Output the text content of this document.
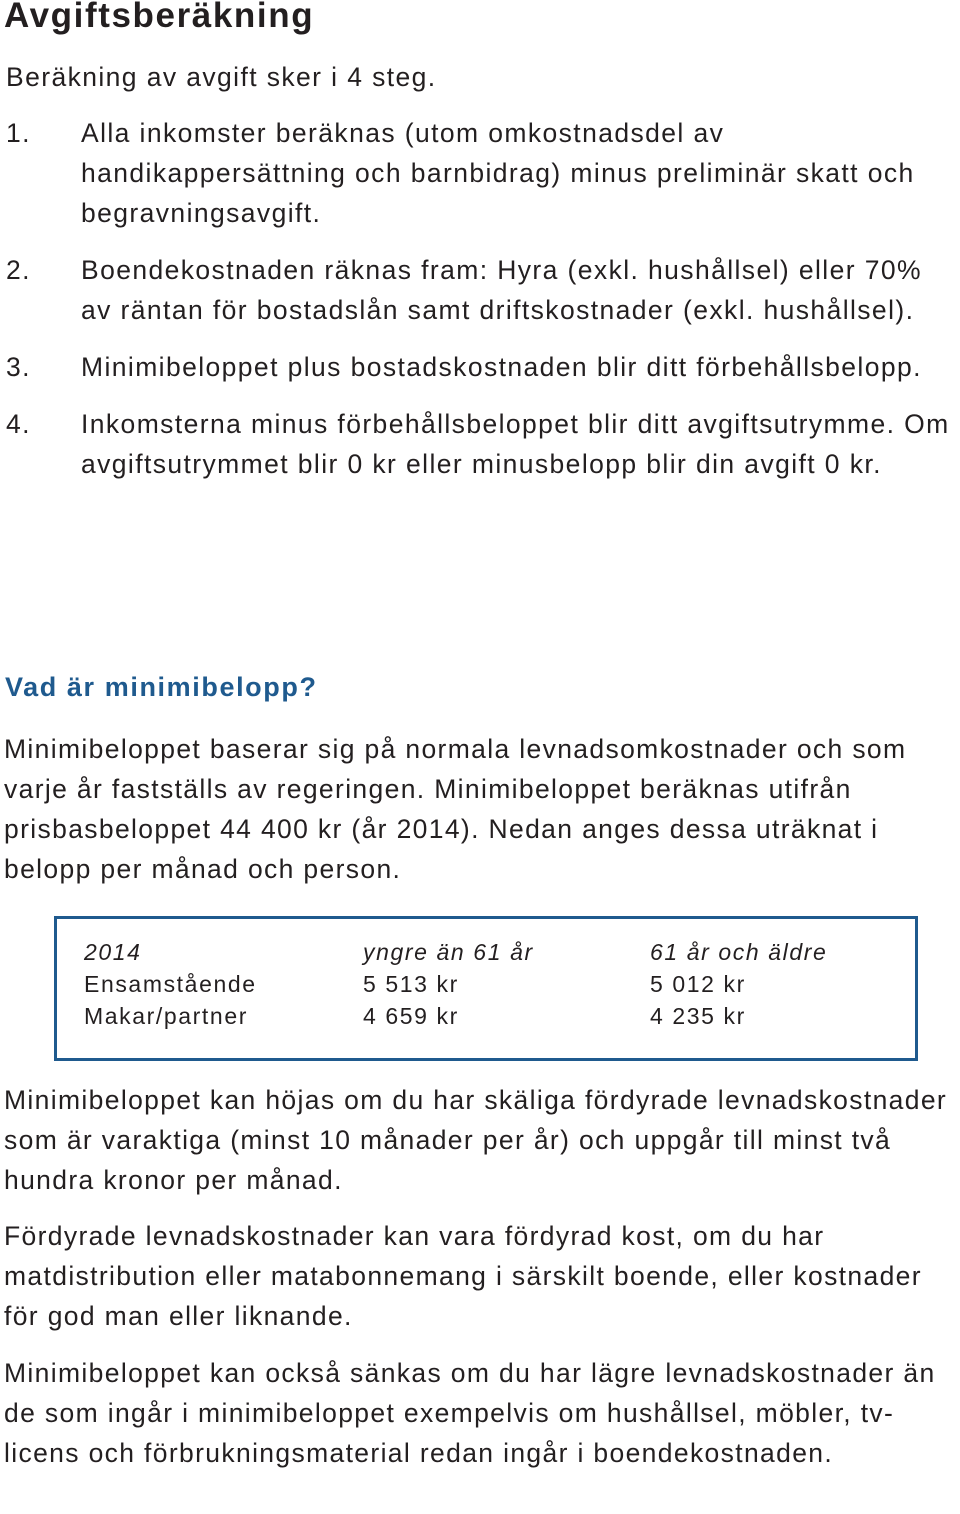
Avgiftsberäkning

Beräkning av avgift sker i 4 steg.

1. Alla inkomster beräknas (utom omkostnadsdel av handikappersättning och barnbidrag) minus preliminär skatt och begravningsavgift.
2. Boendekostnaden räknas fram: Hyra (exkl. hushållsel) eller 70% av räntan för bostadslån samt driftskostnader (exkl. hushållsel).
3. Minimibeloppet plus bostadskostnaden blir ditt förbehållsbelopp.
4. Inkomsterna minus förbehållsbeloppet blir ditt avgiftsutrymme. Om avgiftsutrymmet blir 0 kr eller minusbelopp blir din avgift 0 kr.
Vad är minimibelopp?

Minimibeloppet baserar sig på normala levnadsomkostnader och som varje år fastställs av regeringen. Minimibeloppet beräknas utifrån prisbasbeloppet 44 400 kr (år 2014). Nedan anges dessa uträknat i belopp per månad och person.

2014	yngre än 61 år	61 år och äldre
Ensamstående	5 513 kr	5 012 kr
Makar/partner	4 659 kr	4 235 kr

Minimibeloppet kan höjas om du har skäliga fördyrade levnadskostnader som är varaktiga (minst 10 månader per år) och uppgår till minst två hundra kronor per månad.

Fördyrade levnadskostnader kan vara fördyrad kost, om du har matdistribution eller matabonnemang i särskilt boende, eller kostnader för god man eller liknande.

Minimibeloppet kan också sänkas om du har lägre levnadskostnader än de som ingår i minimibeloppet exempelvis om hushållsel, möbler, tv-licens och förbrukningsmaterial redan ingår i boendekostnaden.
